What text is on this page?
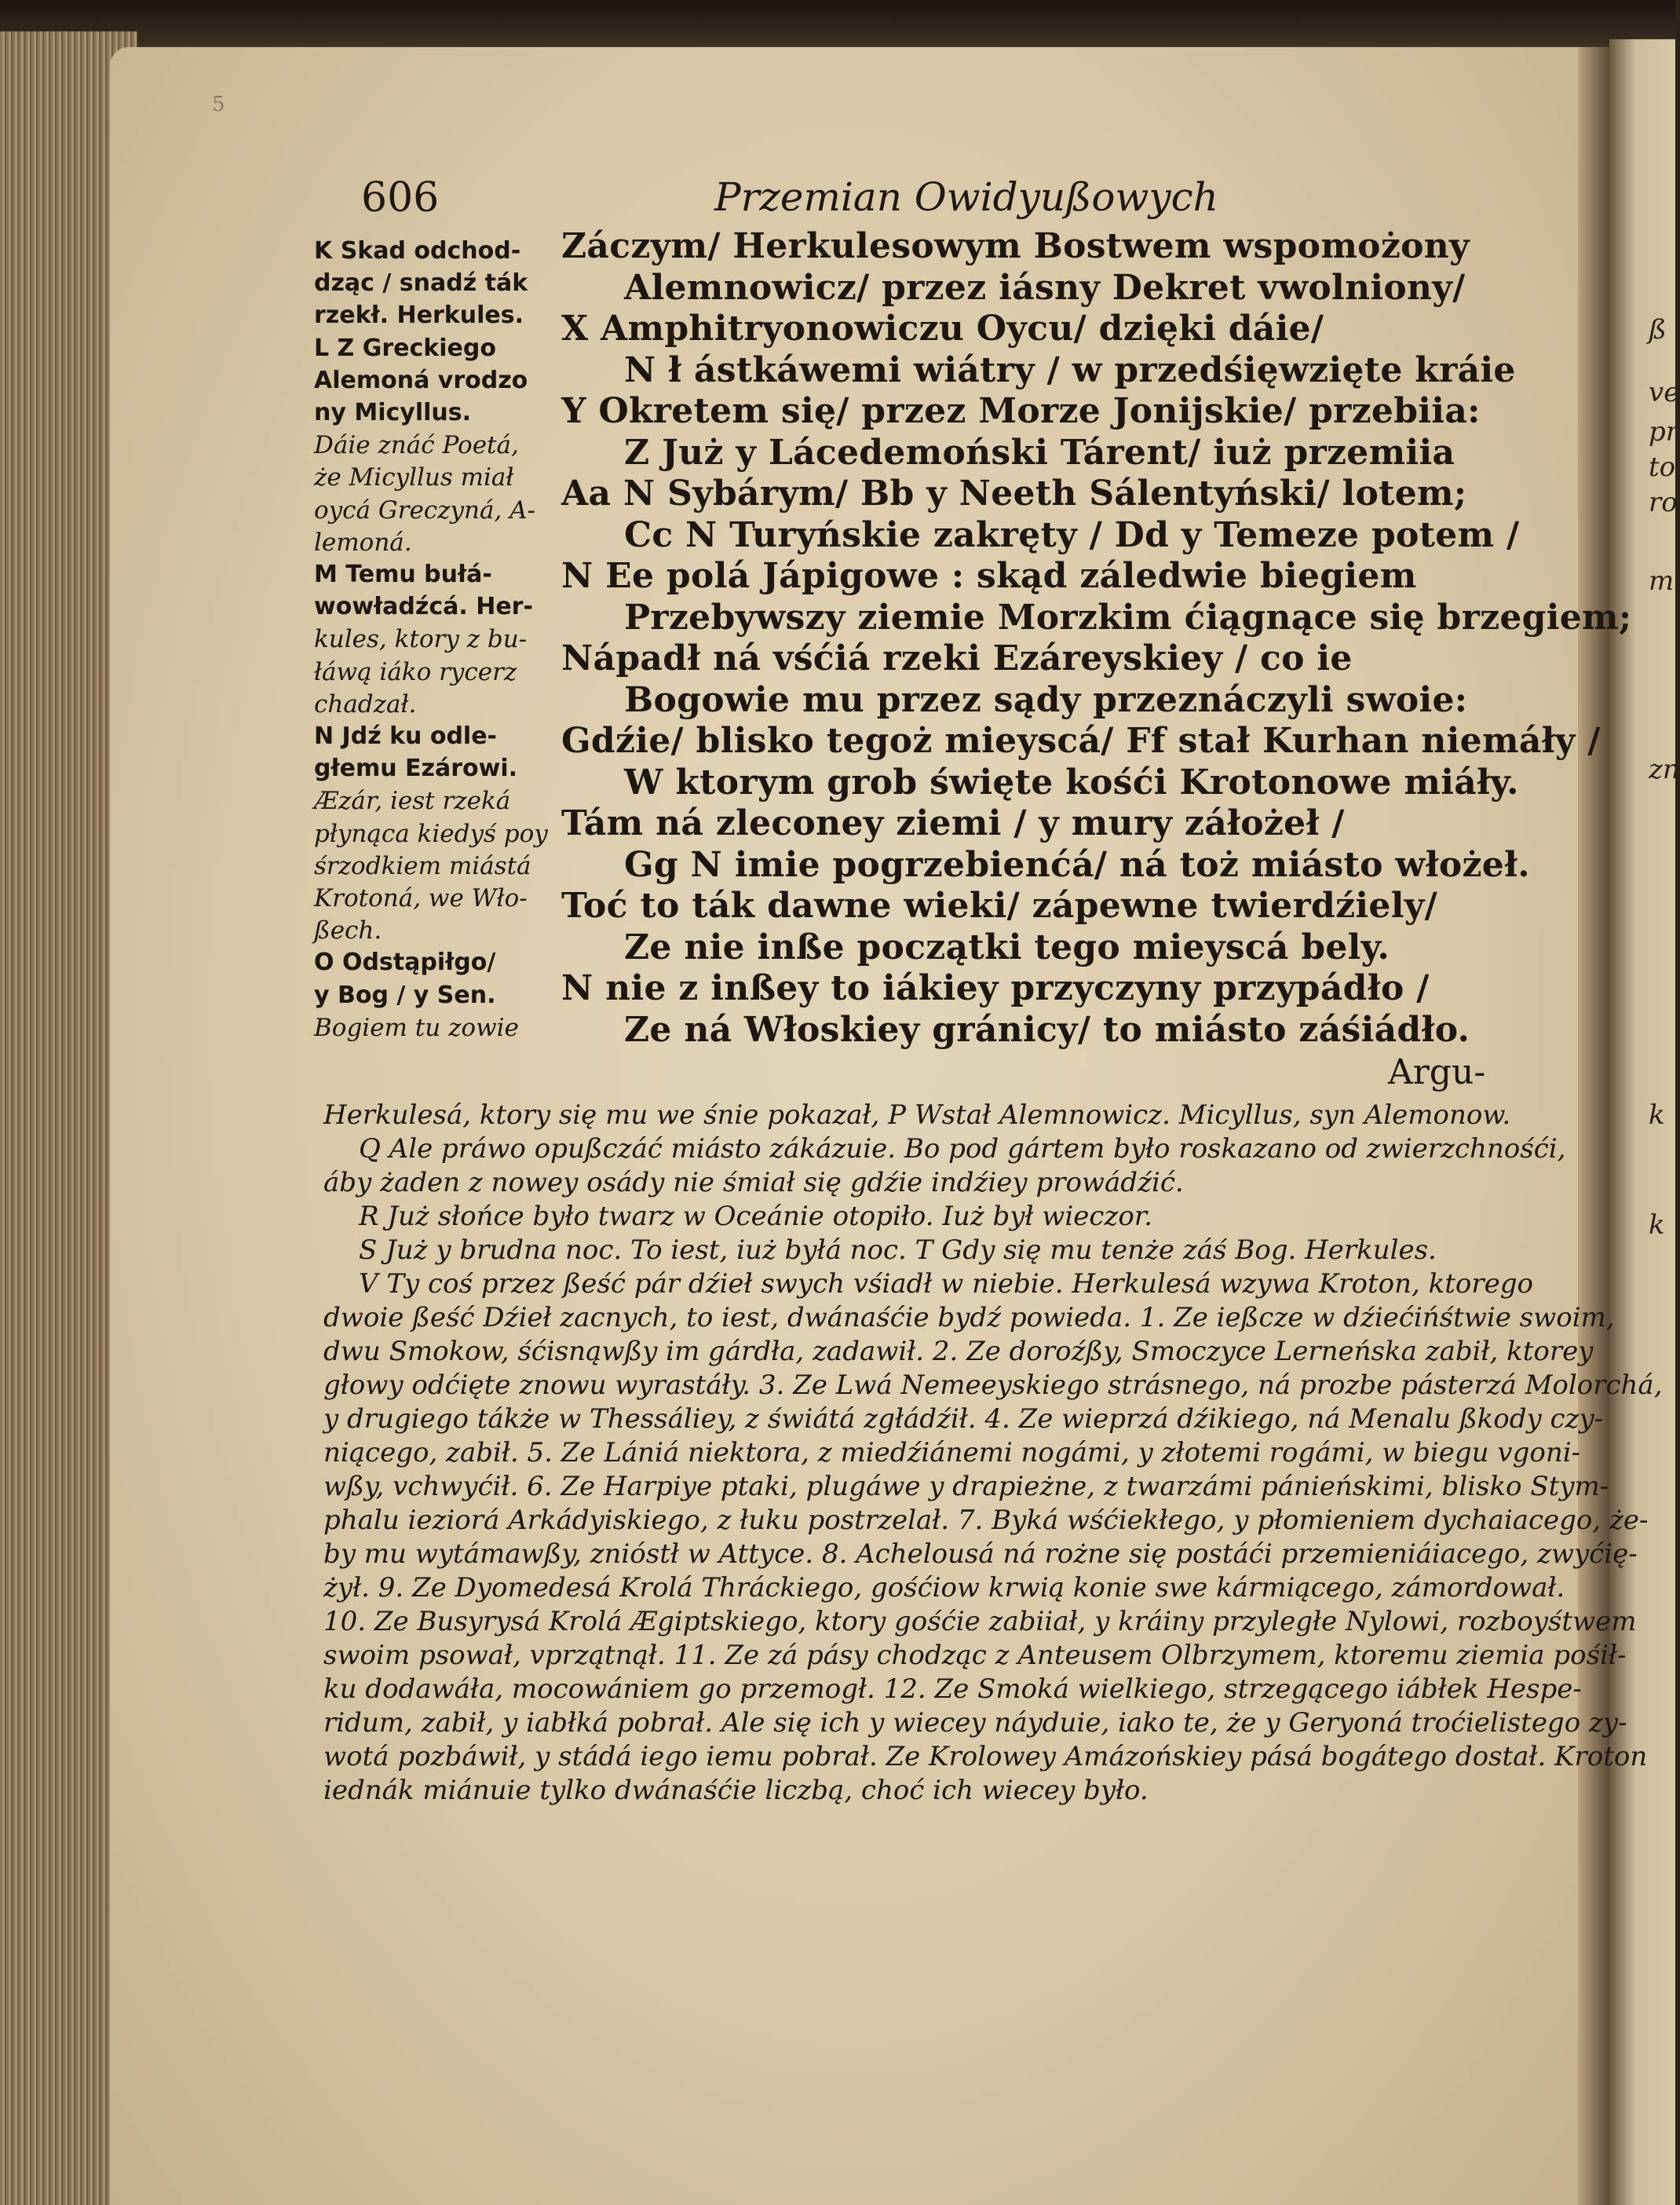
5
606	Przemian Owidyußowych
K Skad odchod-
dząc / snadź ták
rzekł. Herkules.
L Z Greckiego
Alemoná vrodzo
ny Micyllus.
Dáie znáć Poetá,
że Micyllus miał
oycá Greczyná, A-
lemoná.
M Temu bułá-
wowładźcá. Her-
kules, ktory z bu-
łáwą iáko rycerz
chadzał.
N Jdź ku odle-
głemu Ezárowi.
Æzár, iest rzeká
płynąca kiedyś poy
śrzodkiem miástá
Krotoná, we Wło-
ßech.
O Odstąpiłgo/
y Bog / y Sen.
Bogiem tu zowie
Záczym/ Herkulesowym Bostwem wspomożony
Alemnowicz/ przez iásny Dekret vwolniony/
X Amphitryonowiczu Oycu/ dzięki dáie/
N ł ástkáwemi wiátry / w przedśięwzięte kráie
Y Okretem się/ przez Morze Jonijskie/ przebiia:
Z Już y Lácedemoński Tárent/ iuż przemiia
Aa N Sybárym/ Bb y Neeth Sálentyński/ lotem;
Cc N Turyńskie zakręty / Dd y Temeze potem /
N Ee polá Jápigowe : skąd záledwie biegiem
Przebywszy ziemie Morzkim ćiągnące się brzegiem;
Nápadł ná vśćiá rzeki Ezáreyskiey / co ie
Bogowie mu przez sądy przeznáczyli swoie:
Gdźie/ blisko tegoż mieyscá/ Ff stał Kurhan niemáły /
W ktorym grob święte kośći Krotonowe miáły.
Tám ná zleconey ziemi / y mury záłożeł /
Gg N imie pogrzebienćá/ ná toż miásto włożeł.
Toć to ták dawne wieki/ zápewne twierdźiely/
Ze nie inße początki tego mieyscá bely.
N nie z inßey to iákiey przyczyny przypádło /
Ze ná Włoskiey gránicy/ to miásto záśiádło.
Argu-
Herkulesá, ktory się mu we śnie pokazał, P Wstał Alemnowicz. Micyllus, syn Alemonow.
Q Ale práwo opußczáć miásto zákázuie. Bo pod gártem było roskazano od zwierzchnośći,
áby żaden z nowey osády nie śmiał się gdźie indźiey prowádźić.
R Już słońce było twarz w Oceánie otopiło. Iuż był wieczor.
S Już y brudna noc. To iest, iuż byłá noc. T Gdy się mu tenże záś Bog. Herkules.
V Ty coś przez ßeść pár dźieł swych vśiadł w niebie. Herkulesá wzywa Kroton, ktorego
dwoie ßeść Dźieł zacnych, to iest, dwánaśćie bydź powieda. 1. Ze ießcze w dźiećińśtwie swoim,
dwu Smokow, śćisnąwßy im gárdła, zadawił. 2. Ze doroźßy, Smoczyce Lerneńska zabił, ktorey
głowy odćięte znowu wyrastáły. 3. Ze Lwá Nemeeyskiego strásnego, ná prozbe pásterzá Molorchá,
y drugiego tákże w Thessáliey, z świátá zgłádźił. 4. Ze wieprzá dźikiego, ná Menalu ßkody czy-
niącego, zabił. 5. Ze Lániá niektora, z miedźiánemi nogámi, y złotemi rogámi, w biegu vgoni-
wßy, vchwyćił. 6. Ze Harpiye ptaki, plugáwe y drapieżne, z twarzámi pánieńskimi, blisko Stym-
phalu ieziorá Arkádyiskiego, z łuku postrzelał. 7. Byká wśćiekłego, y płomieniem dychaiacego, że-
by mu wytámawßy, znióstł w Attyce. 8. Achelousá ná rożne się postáći przemieniáiacego, zwyćię-
żył. 9. Ze Dyomedesá Krolá Thráckiego, gośćiow krwią konie swe kármiącego, zámordował.
10. Ze Busyrysá Krolá Ægiptskiego, ktory gośćie zabiiał, y kráiny przyległe Nylowi, rozboyśtwem
swoim psował, vprzątnął. 11. Ze zá pásy chodząc z Anteusem Olbrzymem, ktoremu ziemia pośił-
ku dodawáła, mocowániem go przemogł. 12. Ze Smoká wielkiego, strzegącego iábłek Hespe-
ridum, zabił, y iabłká pobrał. Ale się ich y wiecey náyduie, iako te, że y Geryoná troćielistego zy-
wotá pozbáwił, y stádá iego iemu pobrał. Ze Krolowey Amázońskiey pásá bogátego dostał. Kroton
iednák miánuie tylko dwánaśćie liczbą, choć ich wiecey było.
ß
ve
pr
to
ro
m
zn
k
k
